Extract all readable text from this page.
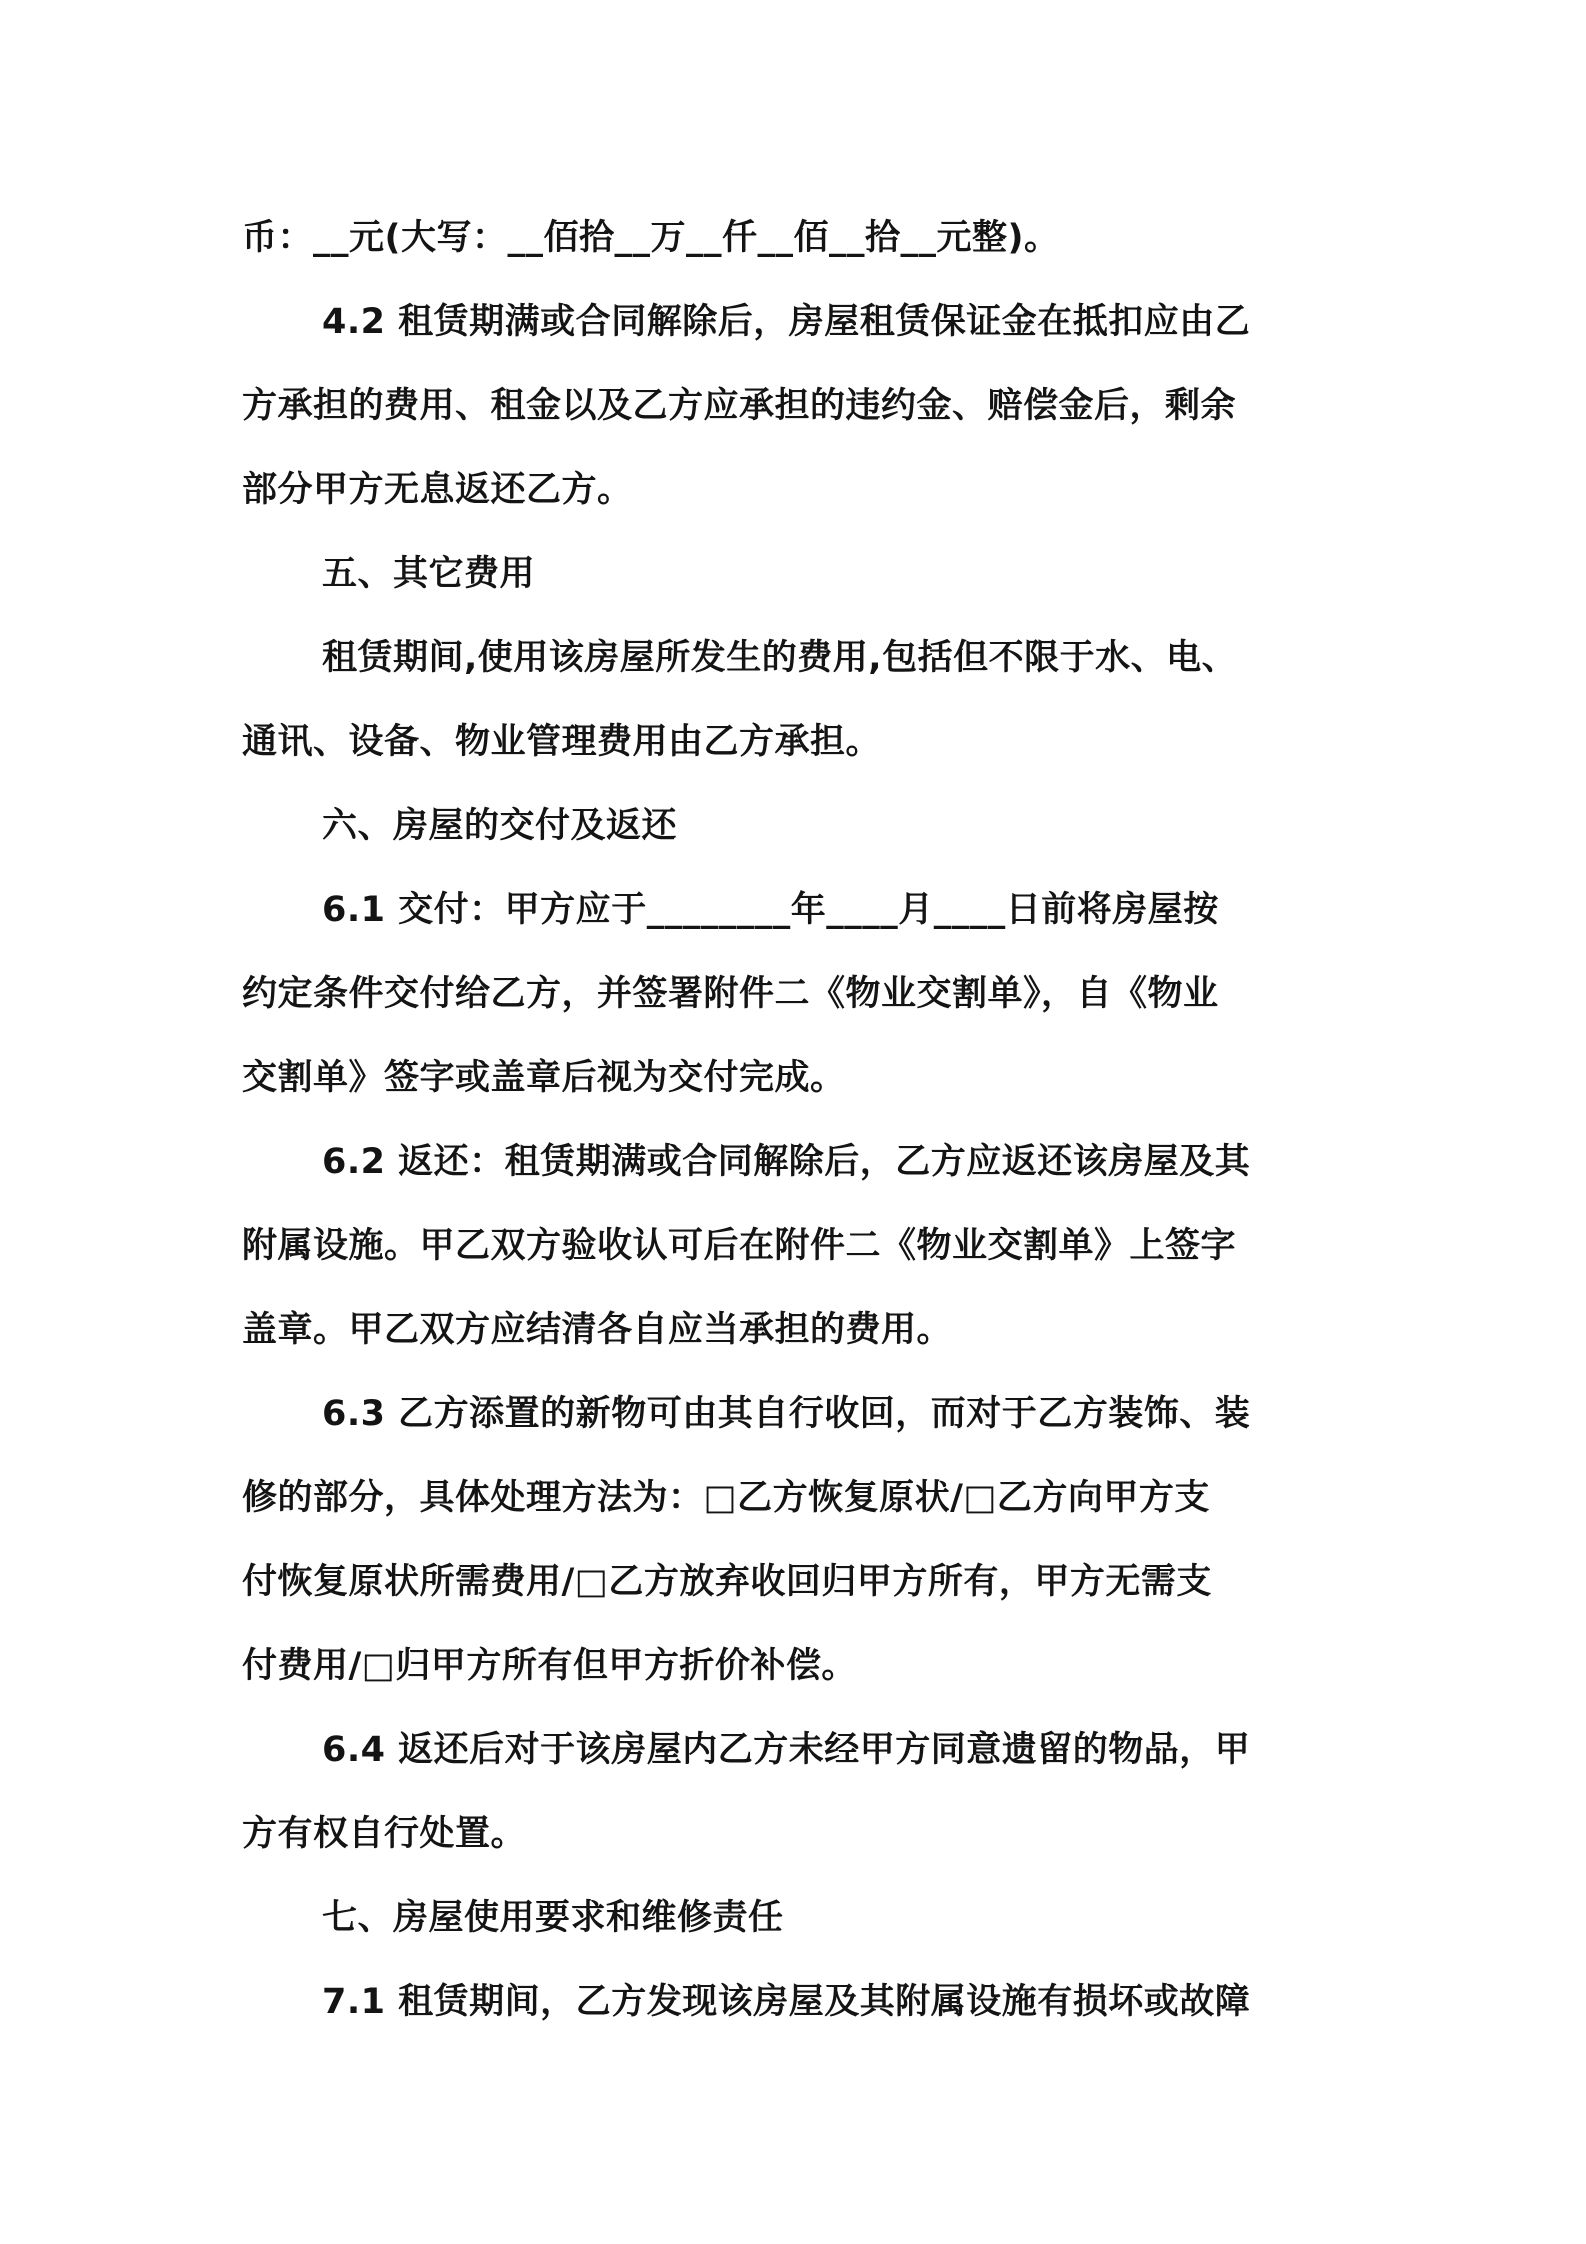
币：__元(大写：__佰拾__万__仟__佰__拾__元整)。
4.2 租赁期满或合同解除后，房屋租赁保证金在抵扣应由乙
方承担的费用、租金以及乙方应承担的违约金、赔偿金后，剩余
部分甲方无息返还乙方。
五、其它费用
租赁期间,使用该房屋所发生的费用,包括但不限于水、电、
通讯、设备、物业管理费用由乙方承担。
六、房屋的交付及返还
6.1 交付：甲方应于________年____月____日前将房屋按
约定条件交付给乙方，并签署附件二《物业交割单》，自《物业
交割单》签字或盖章后视为交付完成。
6.2 返还：租赁期满或合同解除后，乙方应返还该房屋及其
附属设施。甲乙双方验收认可后在附件二《物业交割单》上签字
盖章。甲乙双方应结清各自应当承担的费用。
6.3 乙方添置的新物可由其自行收回，而对于乙方装饰、装
修的部分，具体处理方法为：□乙方恢复原状/□乙方向甲方支
付恢复原状所需费用/□乙方放弃收回归甲方所有，甲方无需支
付费用/□归甲方所有但甲方折价补偿。
6.4 返还后对于该房屋内乙方未经甲方同意遗留的物品，甲
方有权自行处置。
七、房屋使用要求和维修责任
7.1 租赁期间，乙方发现该房屋及其附属设施有损坏或故障
